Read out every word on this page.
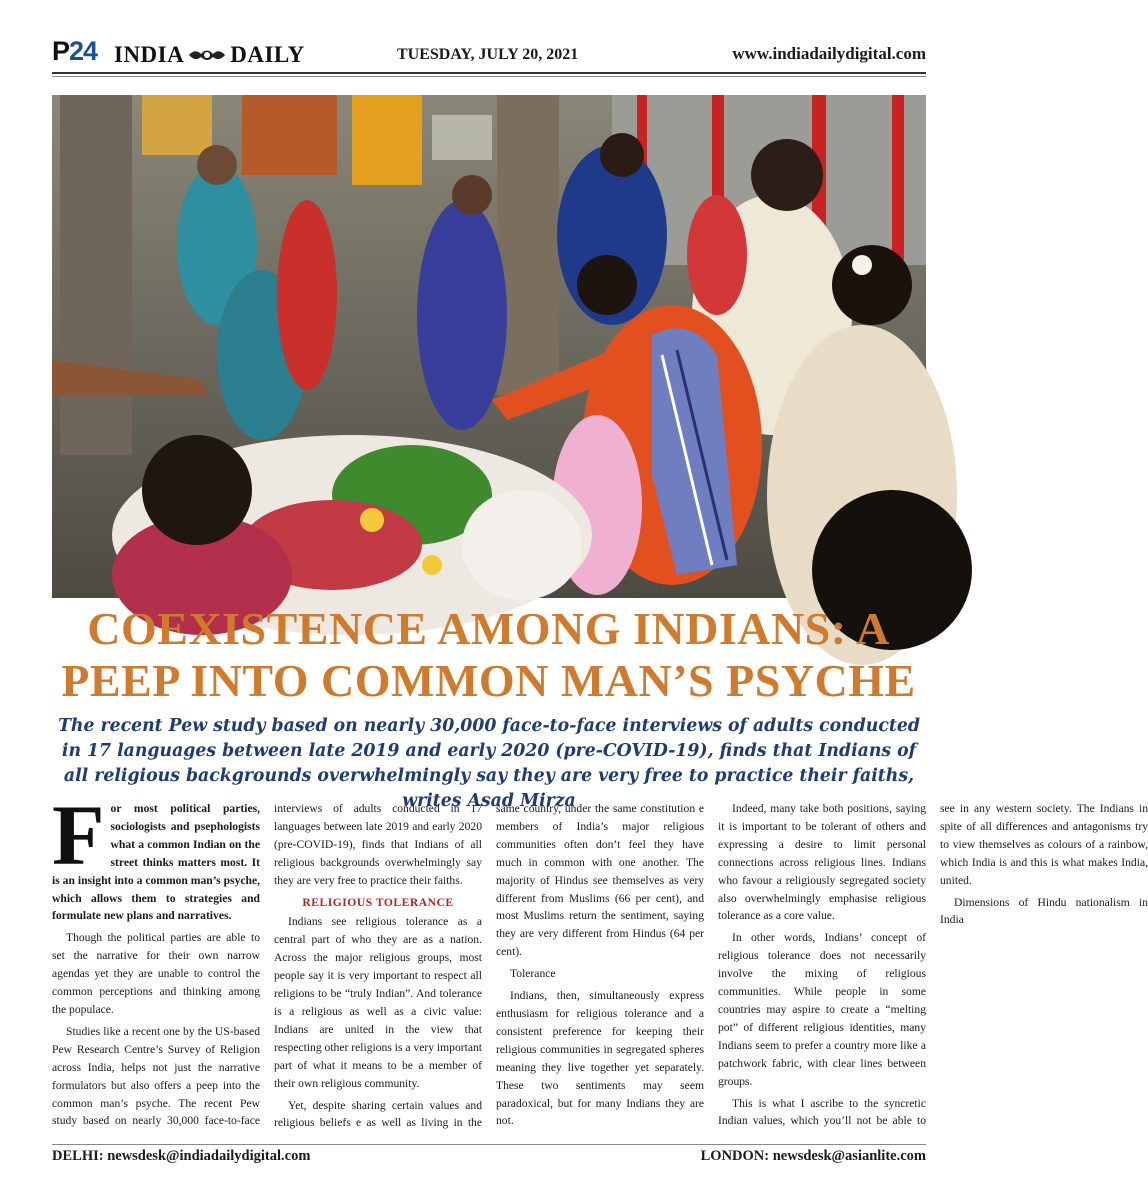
P24 INDIA DAILY	TUESDAY, JULY 20, 2021	www.indiadailydigital.com
COEXISTENCE AMONG INDIANS: A PEEP INTO COMMON MAN’S PSYCHE
The recent Pew study based on nearly 30,000 face-to-face interviews of adults conducted in 17 languages between late 2019 and early 2020 (pre-COVID-19), finds that Indians of all religious backgrounds overwhelmingly say they are very free to practice their faiths, writes Asad Mirza

For most political parties, sociologists and psephologists what a common Indian on the street thinks matters most. It is an insight into a common man’s psyche, which allows them to strategies and formulate new plans and narratives.

Though the political parties are able to set the narrative for their own narrow agendas yet they are unable to control the common perceptions and thinking among the populace.

Studies like a recent one by the US-based Pew Research Centre’s Survey of Religion across India, helps not just the narrative formulators but also offers a peep into the common man’s psyche. The recent Pew study based on nearly 30,000 face-to-face interviews of adults conducted in 17 languages between late 2019 and early 2020 (pre-COVID-19), finds that Indians of all religious backgrounds overwhelmingly say they are very free to practice their faiths.

RELIGIOUS TOLERANCE

Indians see religious tolerance as a central part of who they are as a nation. Across the major religious groups, most people say it is very important to respect all religions to be “truly Indian”. And tolerance is a religious as well as a civic value: Indians are united in the view that respecting other religions is a very important part of what it means to be a member of their own religious community.

Yet, despite sharing certain values and religious beliefs e as well as living in the same country, under the same constitution e members of India’s major religious communities often don’t feel they have much in common with one another. The majority of Hindus see themselves as very different from Muslims (66 per cent), and most Muslims return the sentiment, saying they are very different from Hindus (64 per cent).

Tolerance

Indians, then, simultaneously express enthusiasm for religious tolerance and a consistent preference for keeping their religious communities in segregated spheres meaning they live together yet separately. These two sentiments may seem paradoxical, but for many Indians they are not.

Indeed, many take both positions, saying it is important to be tolerant of others and expressing a desire to limit personal connections across religious lines. Indians who favour a religiously segregated society also overwhelmingly emphasise religious tolerance as a core value.

In other words, Indians’ concept of religious tolerance does not necessarily involve the mixing of religious communities. While people in some countries may aspire to create a “melting pot” of different religious identities, many Indians seem to prefer a country more like a patchwork fabric, with clear lines between groups.

This is what I ascribe to the syncretic Indian values, which you’ll not be able to see in any western society. The Indians in spite of all differences and antagonisms try to view themselves as colours of a rainbow, which India is and this is what makes India, united.

Dimensions of Hindu nationalism in India

DELHI: newsdesk@indiadailydigital.com	LONDON: newsdesk@asianlite.com
